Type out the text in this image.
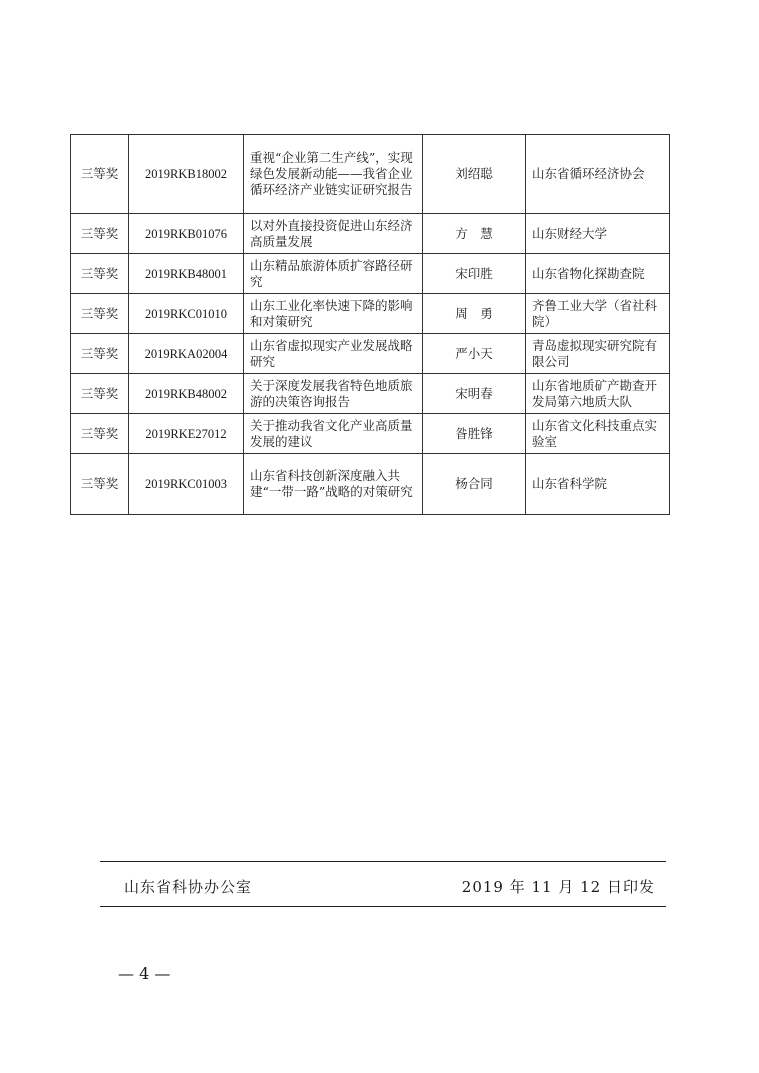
三等奖	2019RKB18002	重视“企业第二生产线”，实现绿色发展新动能——我省企业循环经济产业链实证研究报告	刘绍聪	山东省循环经济协会
三等奖	2019RKB01076	以对外直接投资促进山东经济高质量发展	方　慧	山东财经大学
三等奖	2019RKB48001	山东精品旅游体质扩容路径研究	宋印胜	山东省物化探勘查院
三等奖	2019RKC01010	山东工业化率快速下降的影响和对策研究	周　勇	齐鲁工业大学（省社科院）
三等奖	2019RKA02004	山东省虚拟现实产业发展战略研究	严小天	青岛虚拟现实研究院有限公司
三等奖	2019RKB48002	关于深度发展我省特色地质旅游的决策咨询报告	宋明春	山东省地质矿产勘查开发局第六地质大队
三等奖	2019RKE27012	关于推动我省文化产业高质量发展的建议	昝胜锋	山东省文化科技重点实验室
三等奖	2019RKC01003	山东省科技创新深度融入共建“一带一路”战略的对策研究	杨合同	山东省科学院
山东省科协办公室	2019 年 11 月 12 日印发
— 4 —
